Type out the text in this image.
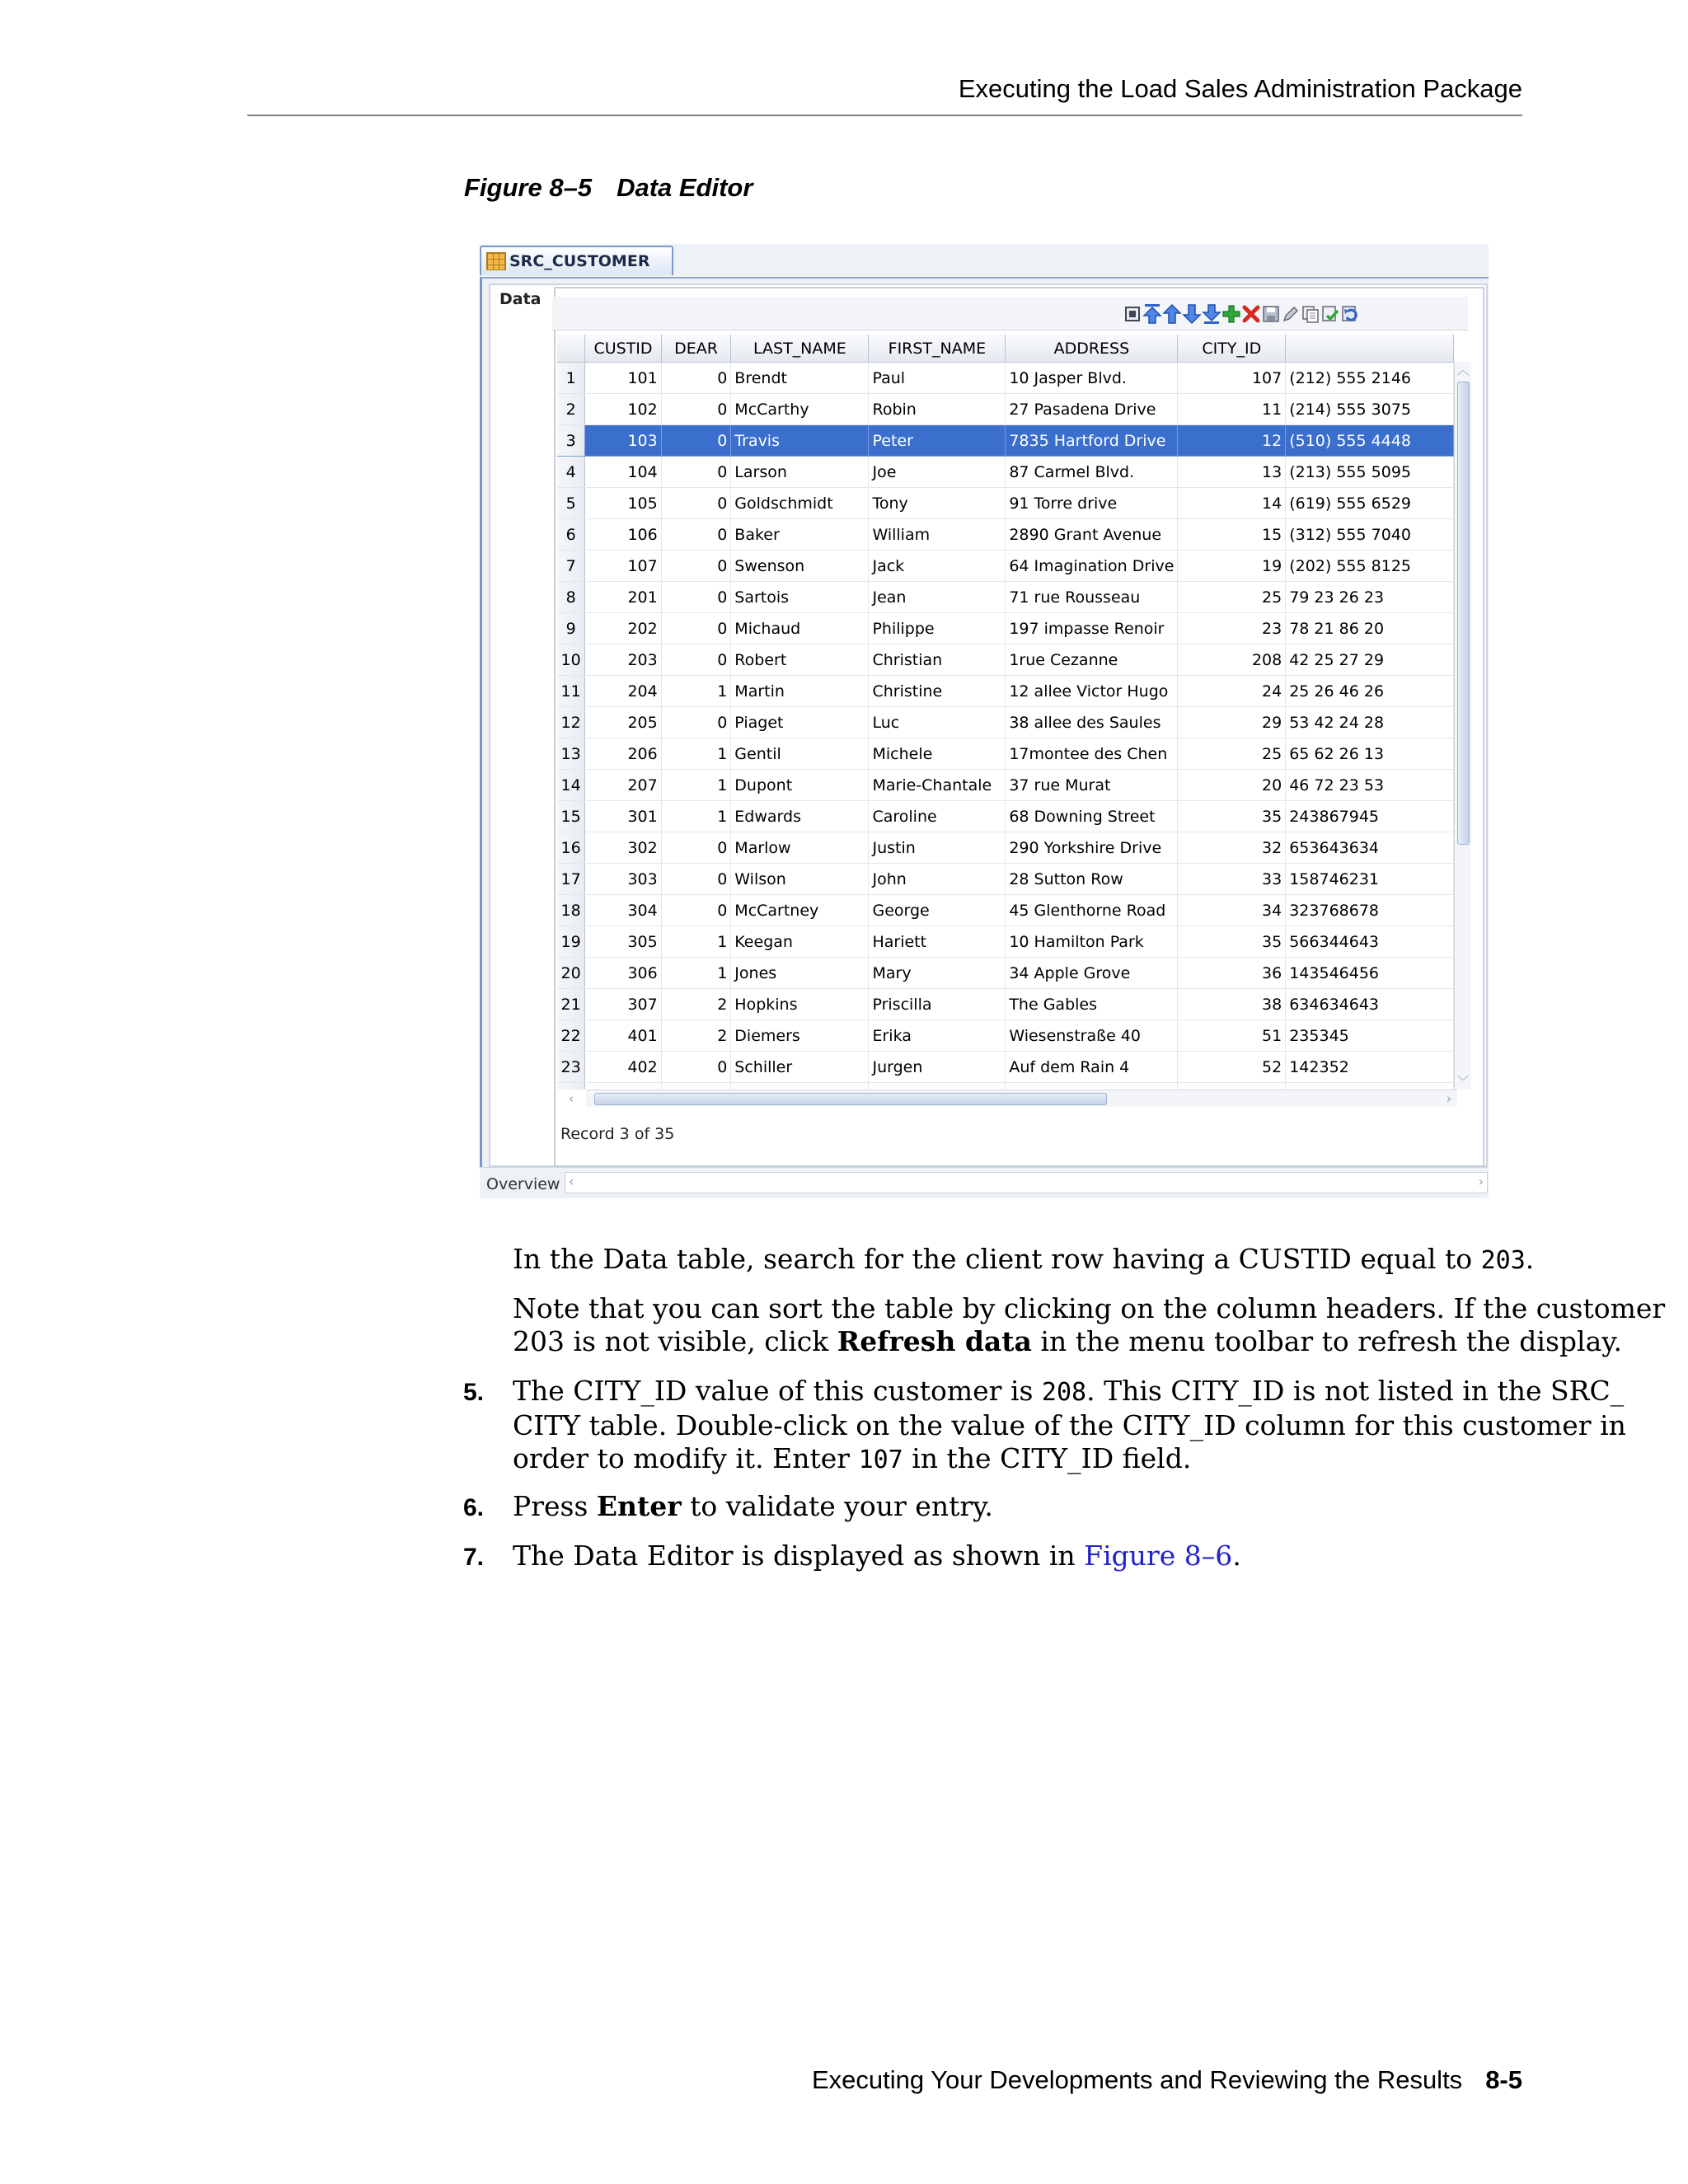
Executing the Load Sales Administration Package
Figure 8–5 Data Editor
SRC_CUSTOMER
Data
	CUSTID	DEAR	LAST_NAME	FIRST_NAME	ADDRESS	CITY_ID	
1	101	0	Brendt	Paul	10 Jasper Blvd.	107	(212) 555 2146
2	102	0	McCarthy	Robin	27 Pasadena Drive	11	(214) 555 3075
3	103	0	Travis	Peter	7835 Hartford Drive	12	(510) 555 4448
4	104	0	Larson	Joe	87 Carmel Blvd.	13	(213) 555 5095
5	105	0	Goldschmidt	Tony	91 Torre drive	14	(619) 555 6529
6	106	0	Baker	William	2890 Grant Avenue	15	(312) 555 7040
7	107	0	Swenson	Jack	64 Imagination Drive	19	(202) 555 8125
8	201	0	Sartois	Jean	71 rue Rousseau	25	79 23 26 23
9	202	0	Michaud	Philippe	197 impasse Renoir	23	78 21 86 20
10	203	0	Robert	Christian	1rue Cezanne	208	42 25 27 29
11	204	1	Martin	Christine	12 allee Victor Hugo	24	25 26 46 26
12	205	0	Piaget	Luc	38 allee des Saules	29	53 42 24 28
13	206	1	Gentil	Michele	17montee des Chen	25	65 62 26 13
14	207	1	Dupont	Marie-Chantale	37 rue Murat	20	46 72 23 53
15	301	1	Edwards	Caroline	68 Downing Street	35	243867945
16	302	0	Marlow	Justin	290 Yorkshire Drive	32	653643634
17	303	0	Wilson	John	28 Sutton Row	33	158746231
18	304	0	McCartney	George	45 Glenthorne Road	34	323768678
19	305	1	Keegan	Hariett	10 Hamilton Park	35	566344643
20	306	1	Jones	Mary	34 Apple Grove	36	143546456
21	307	2	Hopkins	Priscilla	The Gables	38	634634643
22	401	2	Diemers	Erika	Wiesenstraße 40	51	235345
23	402	0	Schiller	Jurgen	Auf dem Rain 4	52	142352

︿
﹀
‹	›
Record 3 of 35
Overview ‹	›
In the Data table, search for the client row having a CUSTID equal to 203.
Note that you can sort the table by clicking on the column headers. If the customer
203 is not visible, click Refresh data in the menu toolbar to refresh the display.
5. The CITY_ID value of this customer is 208. This CITY_ID is not listed in the SRC_
CITY table. Double-click on the value of the CITY_ID column for this customer in
order to modify it. Enter 107 in the CITY_ID field.
6. Press Enter to validate your entry.
7. The Data Editor is displayed as shown in Figure 8–6.
Executing Your Developments and Reviewing the Results 8-5
